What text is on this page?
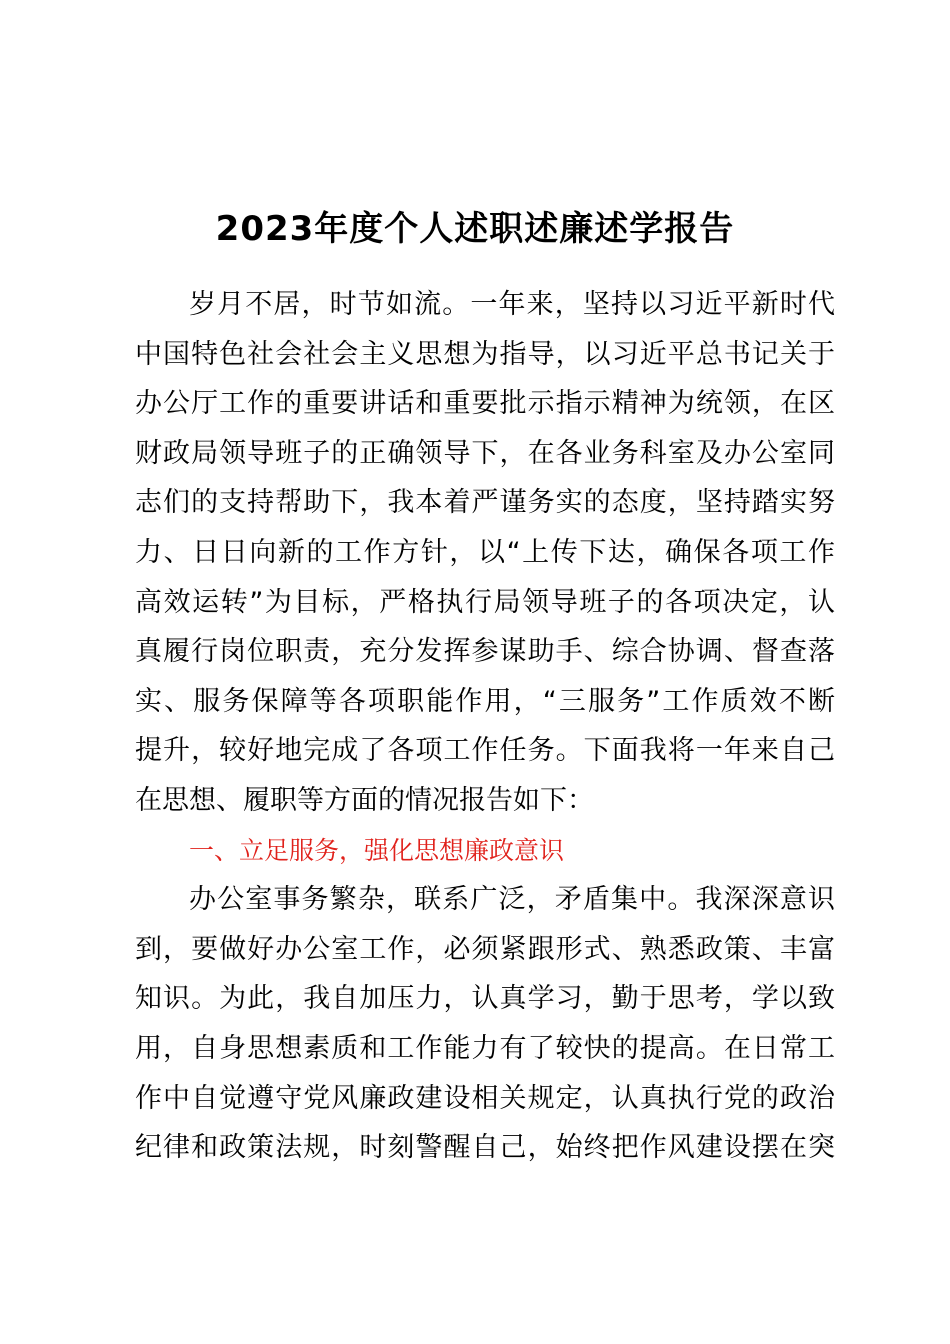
2023年度个人述职述廉述学报告
岁月不居，时节如流。一年来，坚持以习近平新时代
中国特色社会社会主义思想为指导，以习近平总书记关于
办公厅工作的重要讲话和重要批示指示精神为统领，在区
财政局领导班子的正确领导下，在各业务科室及办公室同
志们的支持帮助下，我本着严谨务实的态度，坚持踏实努
力、日日向新的工作方针，以“上传下达，确保各项工作
高效运转”为目标，严格执行局领导班子的各项决定，认
真履行岗位职责，充分发挥参谋助手、综合协调、督查落
实、服务保障等各项职能作用，“三服务”工作质效不断
提升，较好地完成了各项工作任务。下面我将一年来自己
在思想、履职等方面的情况报告如下：
一、立足服务，强化思想廉政意识
办公室事务繁杂，联系广泛，矛盾集中。我深深意识
到，要做好办公室工作，必须紧跟形式、熟悉政策、丰富
知识。为此，我自加压力，认真学习，勤于思考，学以致
用，自身思想素质和工作能力有了较快的提高。在日常工
作中自觉遵守党风廉政建设相关规定，认真执行党的政治
纪律和政策法规，时刻警醒自己，始终把作风建设摆在突
